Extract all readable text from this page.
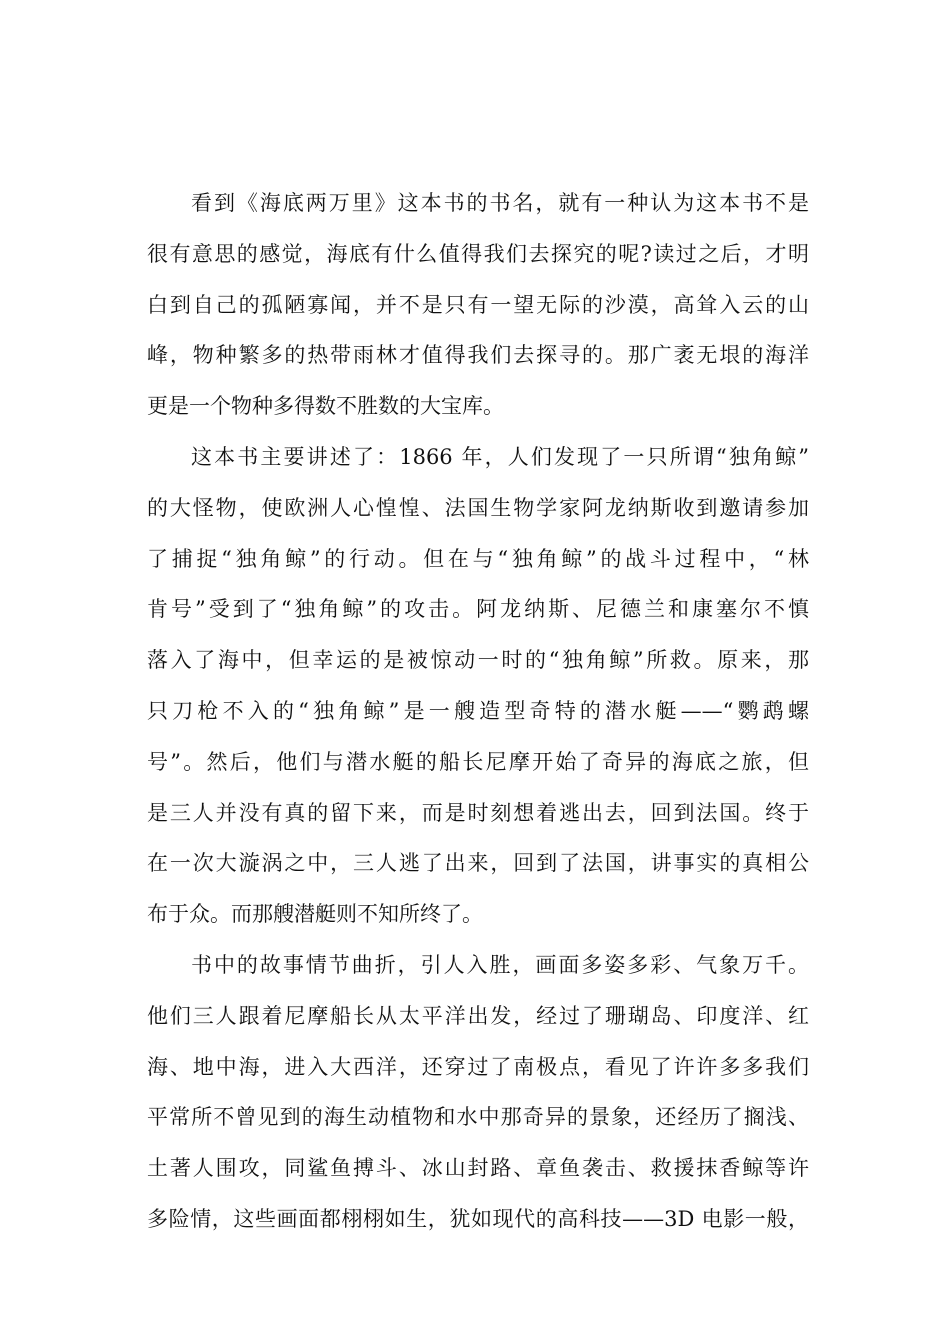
看到《海底两万里》这本书的书名，就有一种认为这本书不是
很有意思的感觉，海底有什么值得我们去探究的呢?读过之后，才明
白到自己的孤陋寡闻，并不是只有一望无际的沙漠，高耸入云的山
峰，物种繁多的热带雨林才值得我们去探寻的。那广袤无垠的海洋
更是一个物种多得数不胜数的大宝库。
这本书主要讲述了：1866 年，人们发现了一只所谓“独角鲸”
的大怪物，使欧洲人心惶惶、法国生物学家阿龙纳斯收到邀请参加
了捕捉“独角鲸”的行动。但在与“独角鲸”的战斗过程中，“林
肯号”受到了“独角鲸”的攻击。阿龙纳斯、尼德兰和康塞尔不慎
落入了海中，但幸运的是被惊动一时的“独角鲸”所救。原来，那
只刀枪不入的“独角鲸”是一艘造型奇特的潜水艇——“鹦鹉螺
号”。然后，他们与潜水艇的船长尼摩开始了奇异的海底之旅，但
是三人并没有真的留下来，而是时刻想着逃出去，回到法国。终于
在一次大漩涡之中，三人逃了出来，回到了法国，讲事实的真相公
布于众。而那艘潜艇则不知所终了。
书中的故事情节曲折，引人入胜，画面多姿多彩、气象万千。
他们三人跟着尼摩船长从太平洋出发，经过了珊瑚岛、印度洋、红
海、地中海，进入大西洋，还穿过了南极点，看见了许许多多我们
平常所不曾见到的海生动植物和水中那奇异的景象，还经历了搁浅、
土著人围攻，同鲨鱼搏斗、冰山封路、章鱼袭击、救援抹香鲸等许
多险情，这些画面都栩栩如生，犹如现代的高科技——3D 电影一般，
